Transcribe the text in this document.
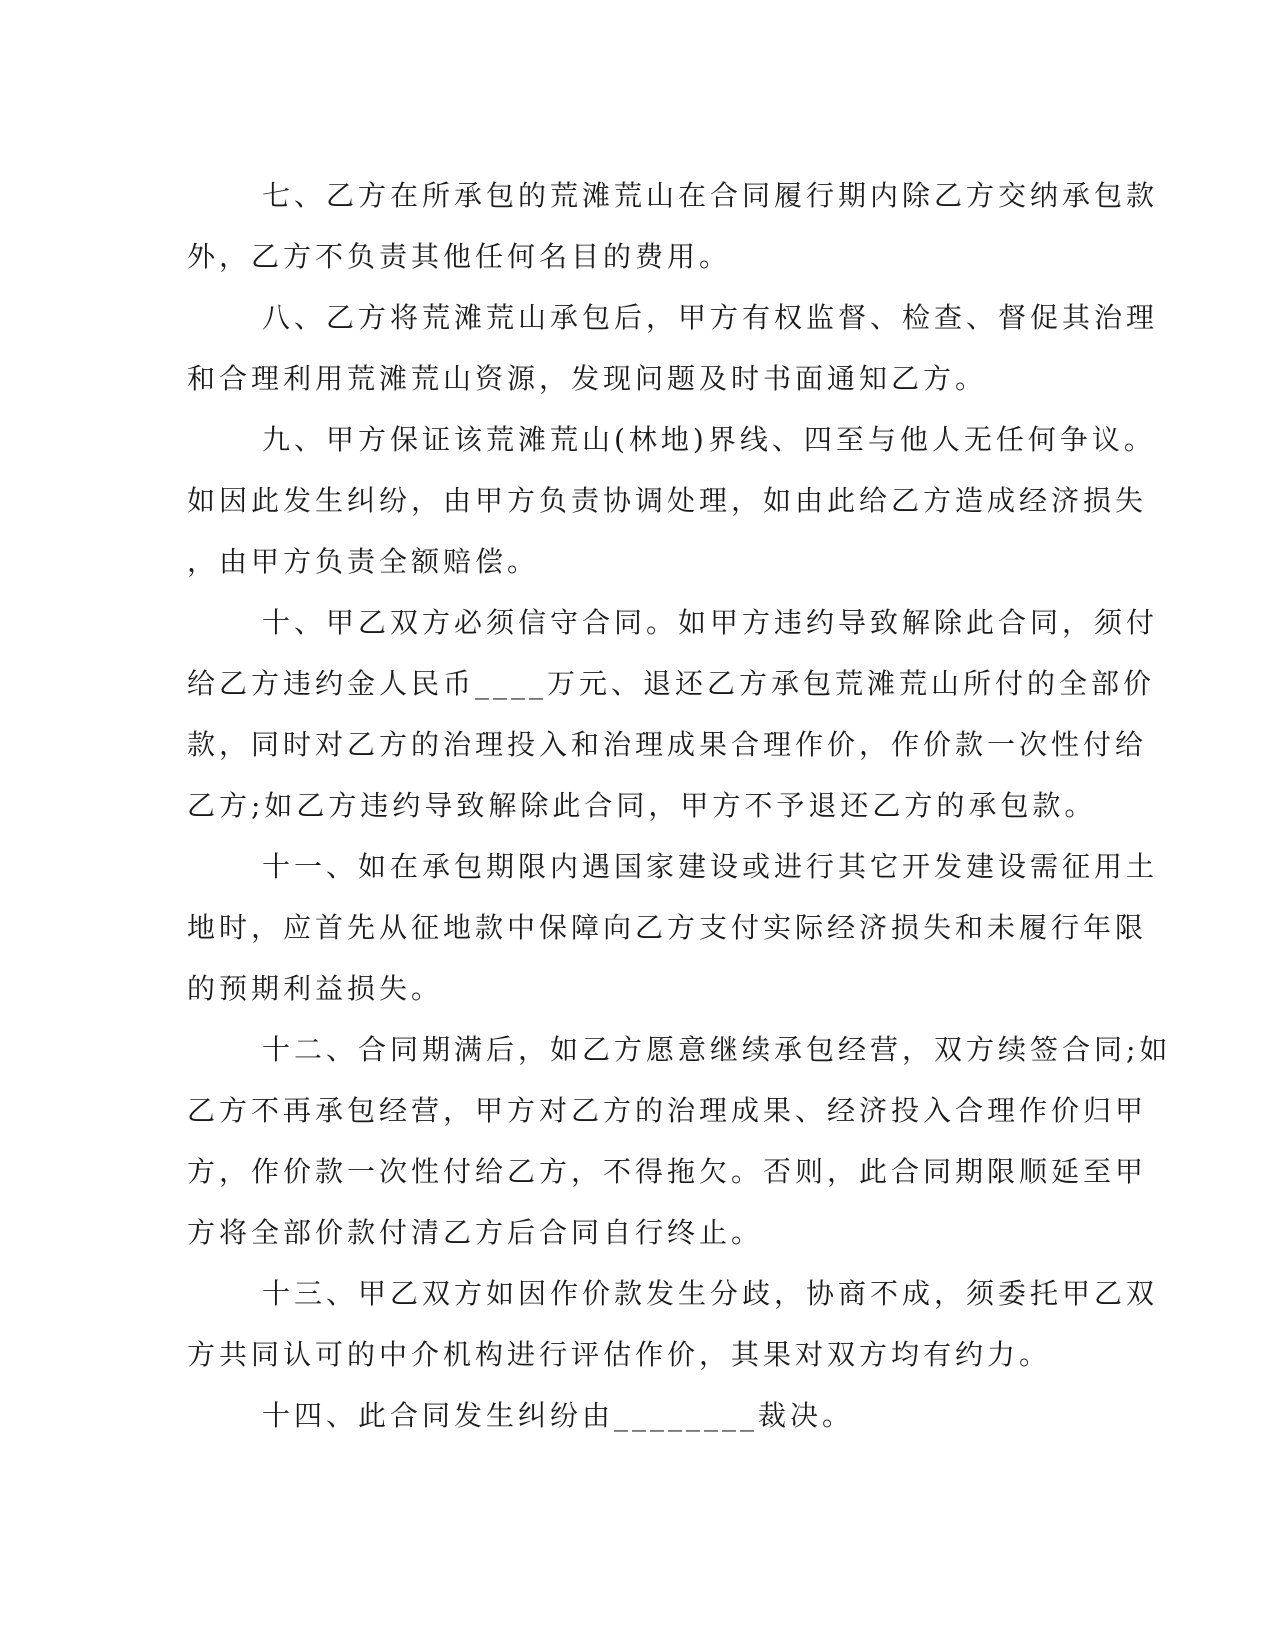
七、乙方在所承包的荒滩荒山在合同履行期内除乙方交纳承包款
外，乙方不负责其他任何名目的费用。
八、乙方将荒滩荒山承包后，甲方有权监督、检查、督促其治理
和合理利用荒滩荒山资源，发现问题及时书面通知乙方。
九、甲方保证该荒滩荒山(林地)界线、四至与他人无任何争议。
如因此发生纠纷，由甲方负责协调处理，如由此给乙方造成经济损失
，由甲方负责全额赔偿。
十、甲乙双方必须信守合同。如甲方违约导致解除此合同，须付
给乙方违约金人民币____万元、退还乙方承包荒滩荒山所付的全部价
款，同时对乙方的治理投入和治理成果合理作价，作价款一次性付给
乙方;如乙方违约导致解除此合同，甲方不予退还乙方的承包款。
十一、如在承包期限内遇国家建设或进行其它开发建设需征用土
地时，应首先从征地款中保障向乙方支付实际经济损失和未履行年限
的预期利益损失。
十二、合同期满后，如乙方愿意继续承包经营，双方续签合同;如
乙方不再承包经营，甲方对乙方的治理成果、经济投入合理作价归甲
方，作价款一次性付给乙方，不得拖欠。否则，此合同期限顺延至甲
方将全部价款付清乙方后合同自行终止。
十三、甲乙双方如因作价款发生分歧，协商不成，须委托甲乙双
方共同认可的中介机构进行评估作价，其果对双方均有约力。
十四、此合同发生纠纷由________裁决。
